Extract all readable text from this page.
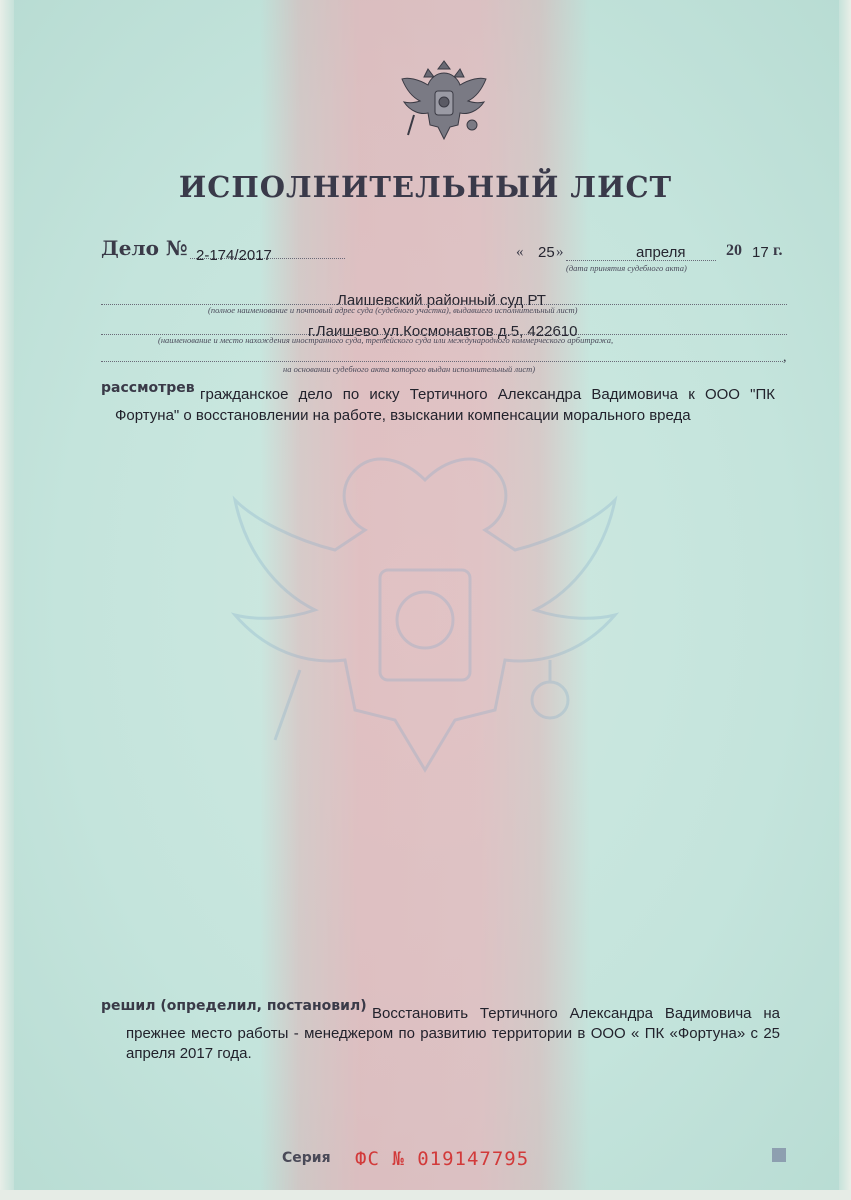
ИСПОЛНИТЕЛЬНЫЙ ЛИСТ
Дело № 2-174/2017	« 25 »	апреля	20 17 г.
(дата принятия судебного акта)
Лаишевский районный суд РТ
(полное наименование и почтовый адрес суда (судебного участка), выдавшего исполнительный лист)
г.Лаишево ул.Космонавтов д.5, 422610
(наименование и место нахождения иностранного суда, третейского суда или международного коммерческого арбитража,
,
на основании судебного акта которого выдан исполнительный лист)
рассмотрев гражданское дело по иску Тертичного Александра Вадимовича к ООО "ПК
Фортуна" о восстановлении на работе, взыскании компенсации морального вреда
решил (определил, постановил) Восстановить Тертичного Александра Вадимовича на
прежнее место работы - менеджером по развитию территории в ООО « ПК «Фортуна» с 25
апреля 2017 года.
Серия ФС № 019147795
